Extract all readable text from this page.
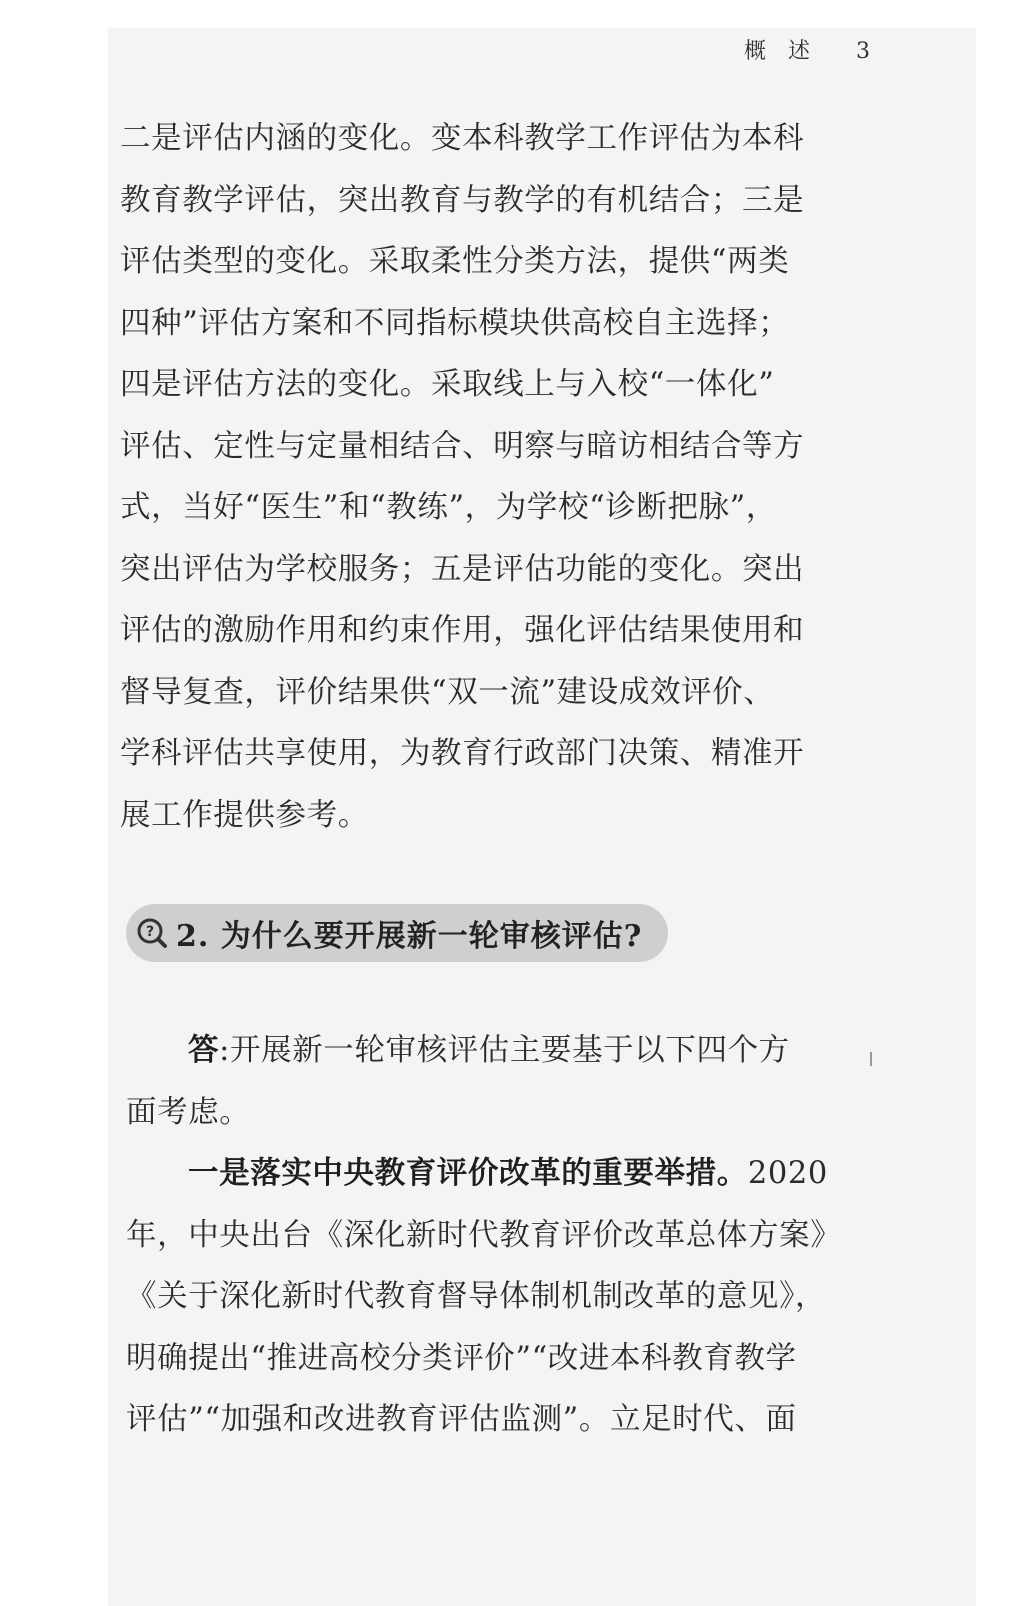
概　述 3
二是评估内涵的变化。变本科教学工作评估为本科
教育教学评估，突出教育与教学的有机结合；三是
评估类型的变化。采取柔性分类方法，提供“两类
四种”评估方案和不同指标模块供高校自主选择；
四是评估方法的变化。采取线上与入校“一体化”
评估、定性与定量相结合、明察与暗访相结合等方
式，当好“医生”和“教练”，为学校“诊断把脉”，
突出评估为学校服务；五是评估功能的变化。突出
评估的激励作用和约束作用，强化评估结果使用和
督导复查，评价结果供“双一流”建设成效评价、
学科评估共享使用，为教育行政部门决策、精准开
展工作提供参考。
? 2. 为什么要开展新一轮审核评估?
答:开展新一轮审核评估主要基于以下四个方
面考虑。
一是落实中央教育评价改革的重要举措。2020
年，中央出台《深化新时代教育评价改革总体方案》
《关于深化新时代教育督导体制机制改革的意见》，
明确提出“推进高校分类评价”“改进本科教育教学
评估”“加强和改进教育评估监测”。立足时代、面
